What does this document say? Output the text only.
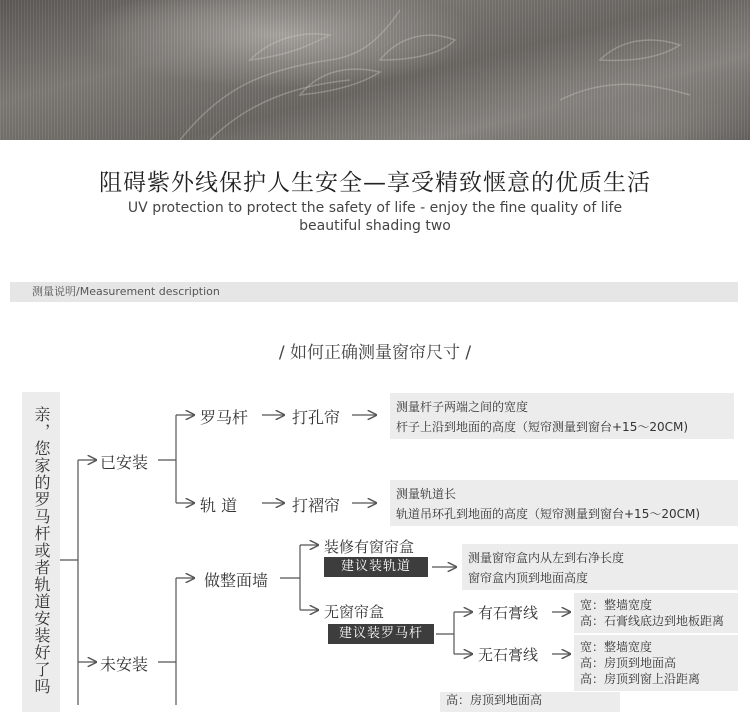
阻碍紫外线保护人生安全—享受精致惬意的优质生活
UV protection to protect the safety of life - enjoy the fine quality of life
beautiful shading two
测量说明/Measurement description
/ 如何正确测量窗帘尺寸 /
亲，您家的罗马杆或者轨道安装好了吗	已安装
未安装
罗马杆	打孔帘
轨 道	打褶帘
测量杆子两端之间的宽度
杆子上沿到地面的高度（短帘测量到窗台+15～20CM)
测量轨道长
轨道吊环孔到地面的高度（短帘测量到窗台+15～20CM)
做整面墙
装修有窗帘盒
建议装轨道
测量窗帘盒内从左到右净长度
窗帘盒内顶到地面高度
无窗帘盒
建议装罗马杆
有石膏线
无石膏线
宽：整墙宽度
高：石膏线底边到地板距离
宽：整墙宽度
高：房顶到地面高
高：房顶到窗上沿距离
高：房顶到地面高
